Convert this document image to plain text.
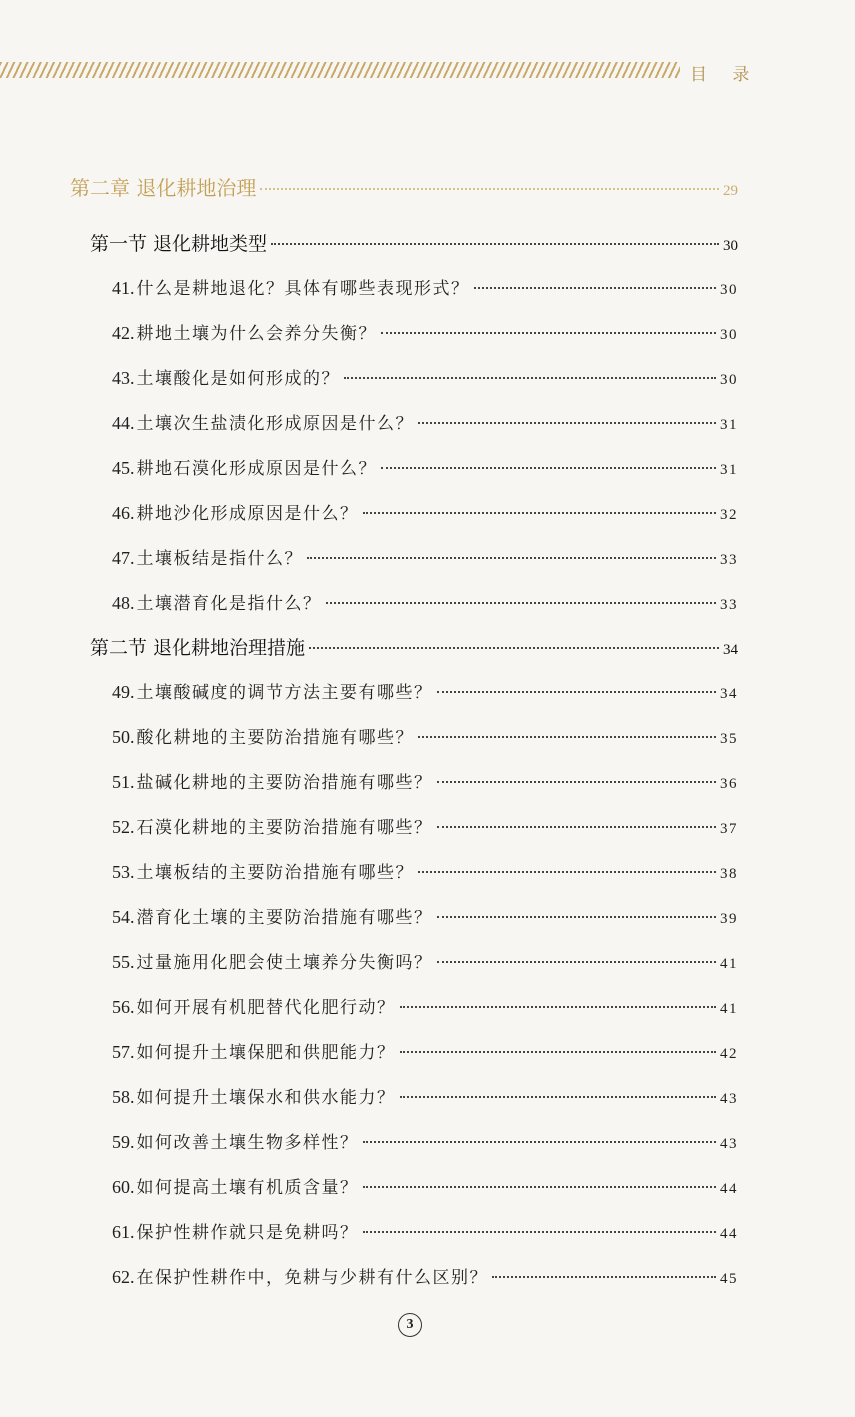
目 录
第二章 退化耕地治理	29
第一节 退化耕地类型	30
41. 什么是耕地退化？具体有哪些表现形式？	30
42. 耕地土壤为什么会养分失衡？	30
43. 土壤酸化是如何形成的？	30
44. 土壤次生盐渍化形成原因是什么？	31
45. 耕地石漠化形成原因是什么？	31
46. 耕地沙化形成原因是什么？	32
47. 土壤板结是指什么？	33
48. 土壤潜育化是指什么？	33
第二节 退化耕地治理措施	34
49. 土壤酸碱度的调节方法主要有哪些？	34
50. 酸化耕地的主要防治措施有哪些？	35
51. 盐碱化耕地的主要防治措施有哪些？	36
52. 石漠化耕地的主要防治措施有哪些？	37
53. 土壤板结的主要防治措施有哪些？	38
54. 潜育化土壤的主要防治措施有哪些？	39
55. 过量施用化肥会使土壤养分失衡吗？	41
56. 如何开展有机肥替代化肥行动？	41
57. 如何提升土壤保肥和供肥能力？	42
58. 如何提升土壤保水和供水能力？	43
59. 如何改善土壤生物多样性？	43
60. 如何提高土壤有机质含量？	44
61. 保护性耕作就只是免耕吗？	44
62. 在保护性耕作中，免耕与少耕有什么区别？	45
3
